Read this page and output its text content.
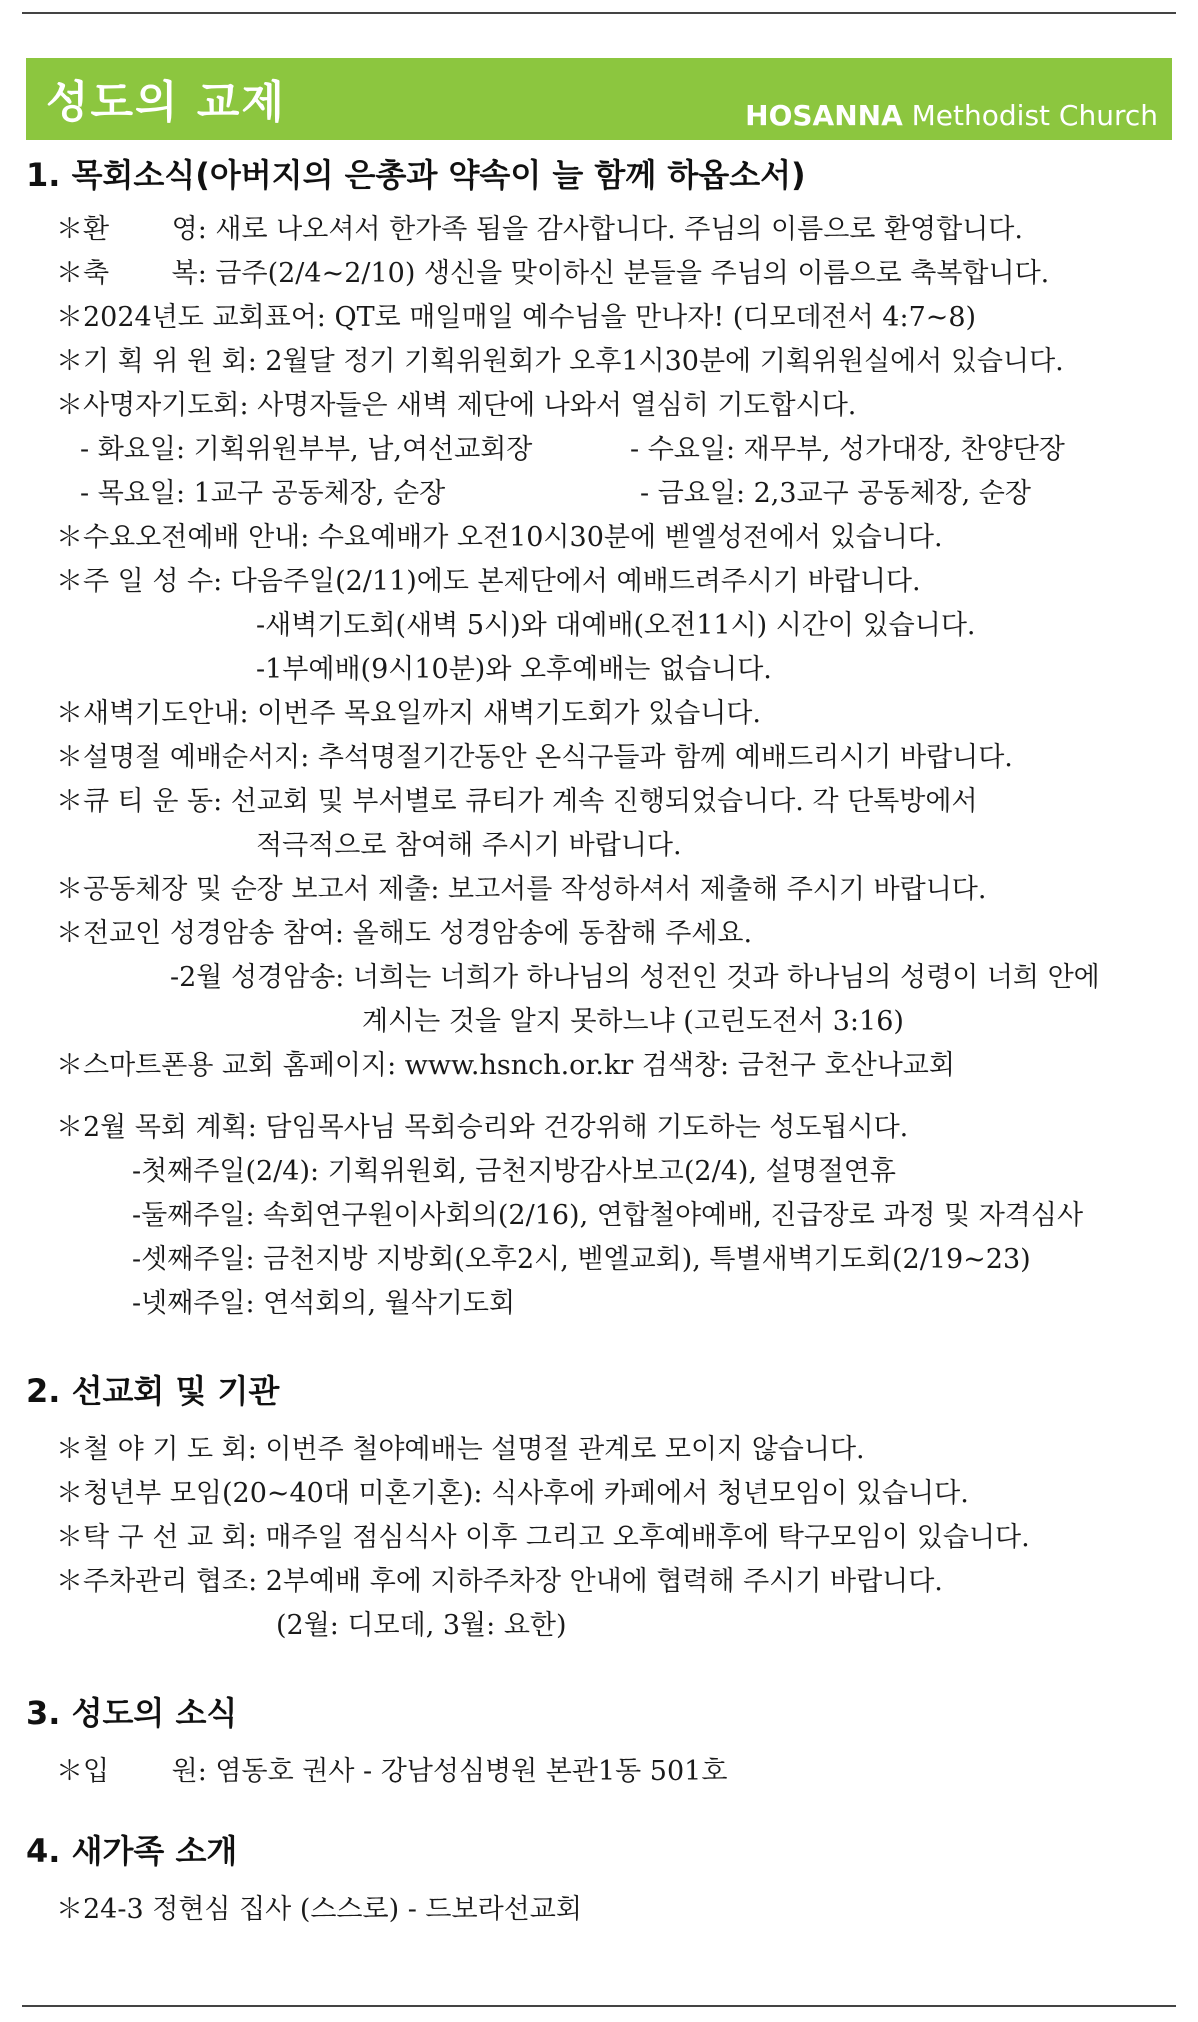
성도의 교제	HOSANNA Methodist Church
1. 목회소식(아버지의 은총과 약속이 늘 함께 하옵소서)
＊환　　 영: 새로 나오셔서 한가족 됨을 감사합니다. 주님의 이름으로 환영합니다.
＊축　　 복: 금주(2/4~2/10) 생신을 맞이하신 분들을 주님의 이름으로 축복합니다.
＊2024년도 교회표어: QT로 매일매일 예수님을 만나자! (디모데전서 4:7~8)
＊기 획 위 원 회: 2월달 정기 기획위원회가 오후1시30분에 기획위원실에서 있습니다.
＊사명자기도회: 사명자들은 새벽 제단에 나와서 열심히 기도합시다.
- 화요일: 기획위원부부, 남,여선교회장	- 수요일: 재무부, 성가대장, 찬양단장
- 목요일: 1교구 공동체장, 순장	- 금요일: 2,3교구 공동체장, 순장
＊수요오전예배 안내: 수요예배가 오전10시30분에 벧엘성전에서 있습니다.
＊주 일 성 수: 다음주일(2/11)에도 본제단에서 예배드려주시기 바랍니다.
-새벽기도회(새벽 5시)와 대예배(오전11시) 시간이 있습니다.
-1부예배(9시10분)와 오후예배는 없습니다.
＊새벽기도안내: 이번주 목요일까지 새벽기도회가 있습니다.
＊설명절 예배순서지: 추석명절기간동안 온식구들과 함께 예배드리시기 바랍니다.
＊큐 티 운 동: 선교회 및 부서별로 큐티가 계속 진행되었습니다. 각 단톡방에서
적극적으로 참여해 주시기 바랍니다.
＊공동체장 및 순장 보고서 제출: 보고서를 작성하셔서 제출해 주시기 바랍니다.
＊전교인 성경암송 참여: 올해도 성경암송에 동참해 주세요.
-2월 성경암송: 너희는 너희가 하나님의 성전인 것과 하나님의 성령이 너희 안에
계시는 것을 알지 못하느냐 (고린도전서 3:16)
＊스마트폰용 교회 홈페이지: www.hsnch.or.kr 검색창: 금천구 호산나교회
＊2월 목회 계획: 담임목사님 목회승리와 건강위해 기도하는 성도됩시다.
-첫째주일(2/4): 기획위원회, 금천지방감사보고(2/4), 설명절연휴
-둘째주일: 속회연구원이사회의(2/16), 연합철야예배, 진급장로 과정 및 자격심사
-셋째주일: 금천지방 지방회(오후2시, 벧엘교회), 특별새벽기도회(2/19~23)
-넷째주일: 연석회의, 월삭기도회
2. 선교회 및 기관
＊철 야 기 도 회: 이번주 철야예배는 설명절 관계로 모이지 않습니다.
＊청년부 모임(20~40대 미혼기혼): 식사후에 카페에서 청년모임이 있습니다.
＊탁 구 선 교 회: 매주일 점심식사 이후 그리고 오후예배후에 탁구모임이 있습니다.
＊주차관리 협조: 2부예배 후에 지하주차장 안내에 협력해 주시기 바랍니다.
(2월: 디모데, 3월: 요한)
3. 성도의 소식
＊입　　 원: 염동호 권사 - 강남성심병원 본관1동 501호
4. 새가족 소개
＊24-3 정현심 집사 (스스로) - 드보라선교회
